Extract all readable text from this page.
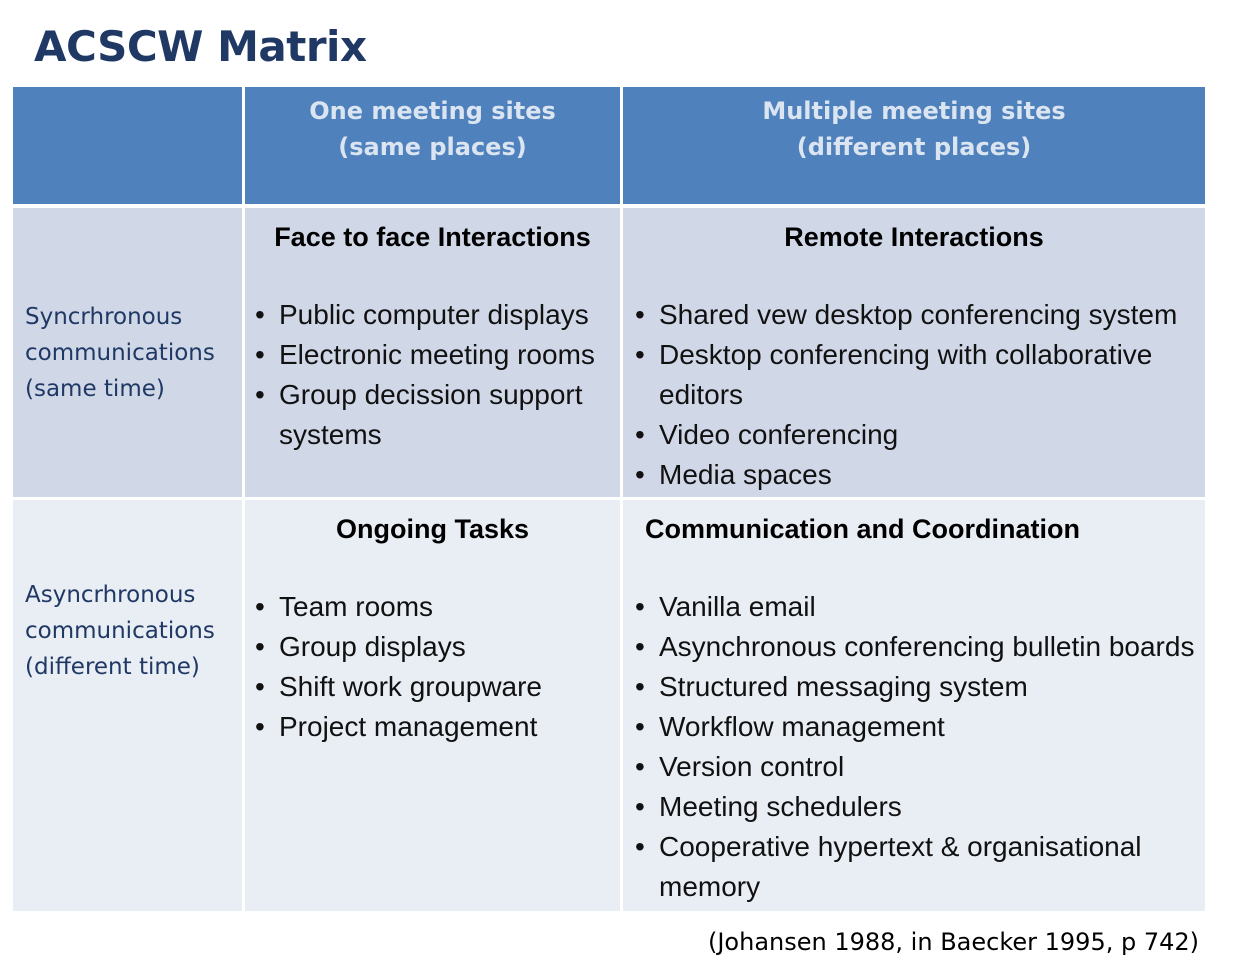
ACSCW Matrix
One meeting sites
(same places)
Multiple meeting sites
(different places)
Syncrhronous
communications
(same time)
Face to face Interactions
• Public computer displays
• Electronic meeting rooms
• Group decission support
systems
Remote Interactions
• Shared vew desktop conferencing system
• Desktop conferencing with collaborative
editors
• Video conferencing
• Media spaces
Asyncrhronous
communications
(different time)
Ongoing Tasks
• Team rooms
• Group displays
• Shift work groupware
• Project management
Communication and Coordination
• Vanilla email
• Asynchronous conferencing bulletin boards
• Structured messaging system
• Workflow management
• Version control
• Meeting schedulers
• Cooperative hypertext & organisational
memory
(Johansen 1988, in Baecker 1995, p 742)
